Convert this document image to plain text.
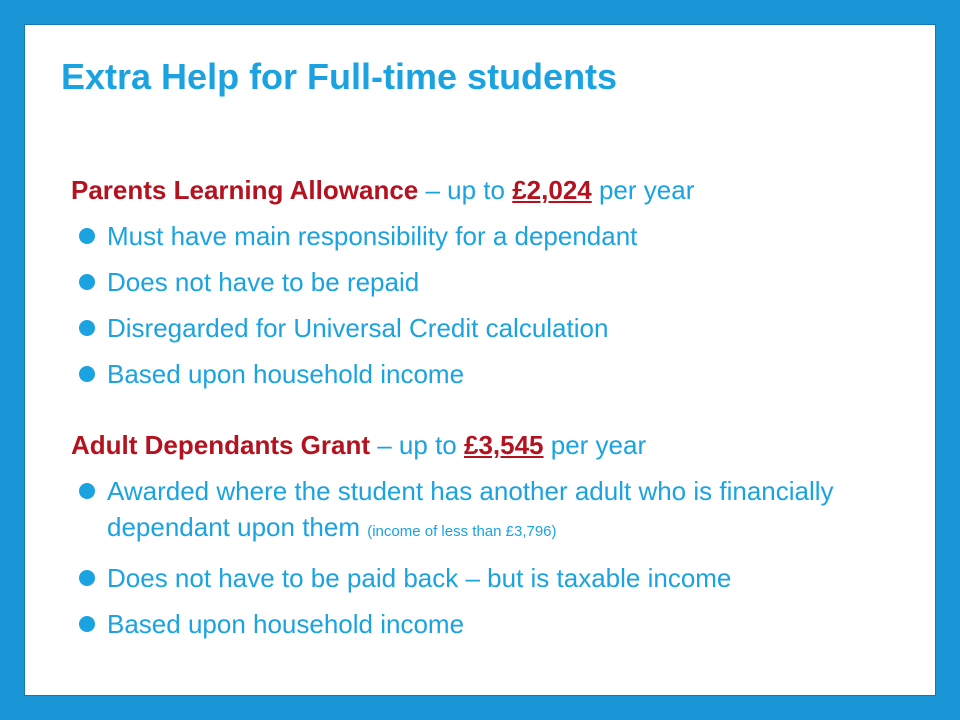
Extra Help for Full-time students
Parents Learning Allowance – up to £2,024 per year
Must have main responsibility for a dependant
Does not have to be repaid
Disregarded for Universal Credit calculation
Based upon household income
Adult Dependants Grant – up to £3,545 per year
Awarded where the student has another adult who is financially dependant upon them (income of less than £3,796)
Does not have to be paid back – but is taxable income
Based upon household income
